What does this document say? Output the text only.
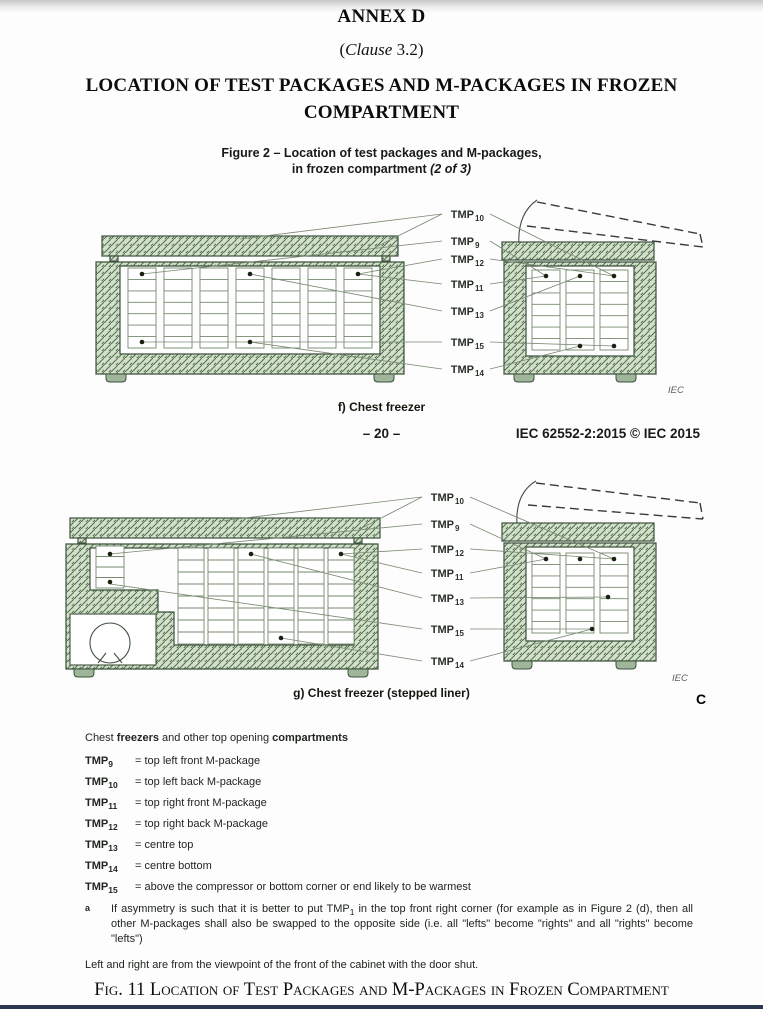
ANNEX D
(Clause 3.2)
LOCATION OF TEST PACKAGES AND M-PACKAGES IN FROZEN
COMPARTMENT
Figure 2 – Location of test packages and M-packages,
in frozen compartment (2 of 3)
TMP 10
TMP 9
TMP 12
TMP 11
TMP 13
TMP 15
TMP 14
IEC
f) Chest freezer
– 20 –	IEC 62552-2:2015 © IEC 2015
TMP 10
TMP 9
TMP 12
TMP 11
TMP 13
TMP 15
TMP 14
IEC
g) Chest freezer (stepped liner)	C
Chest freezers and other top opening compartments
$TMP_9$ = top left front M-package
$TMP_{10}$ = top left back M-package
$TMP_{11}$ = top right front M-package
$TMP_{12}$ = top right back M-package
$TMP_{13}$ = centre top
$TMP_{14}$ = centre bottom
$TMP_{15}$ = above the compressor or bottom corner or end likely to be warmest
a	If asymmetry is such that it is better to put $TMP_1$ in the top front right corner (for example as in Figure 2 (d), then all other M-packages shall also be swapped to the opposite side (i.e. all "lefts" become "rights" and all "rights" become "lefts")
Left and right are from the viewpoint of the front of the cabinet with the door shut.
Fig. 11 Location of Test Packages and M-Packages in Frozen Compartment
